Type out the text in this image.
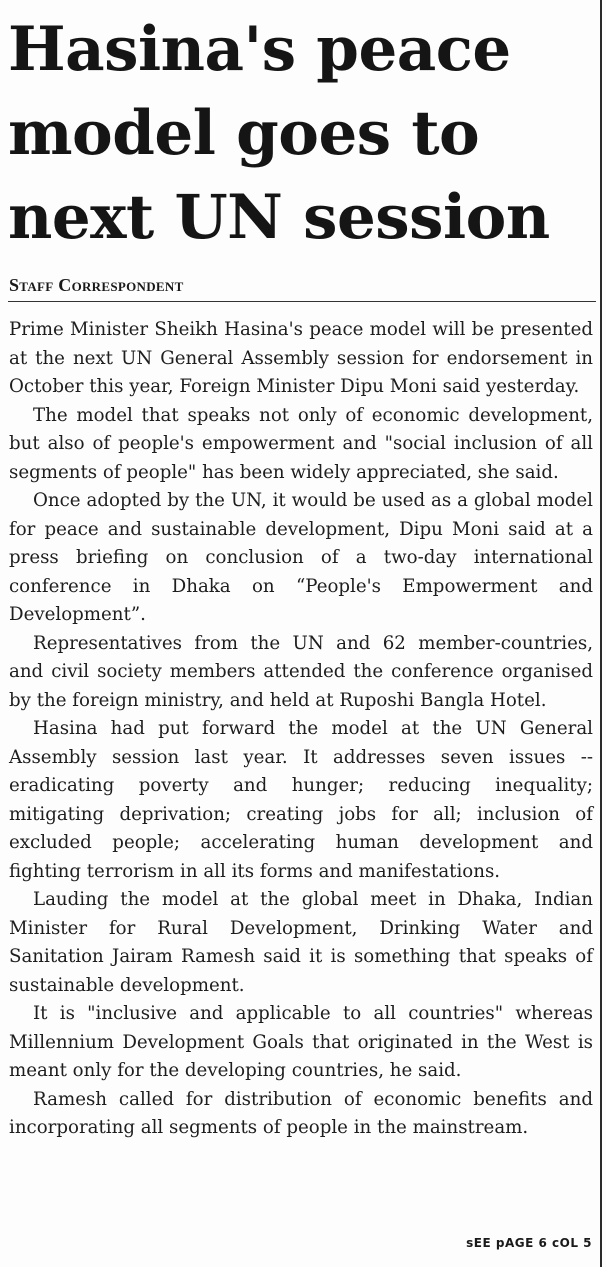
Hasina's peace
model goes to
next UN session
Staff Correspondent

Prime Minister Sheikh Hasina's peace model will be presented at the next UN General Assembly session for endorsement in October this year, Foreign Minister Dipu Moni said yesterday.

The model that speaks not only of economic development, but also of people's empowerment and "social inclusion of all segments of people" has been widely appreciated, she said.

Once adopted by the UN, it would be used as a global model for peace and sustainable development, Dipu Moni said at a press briefing on conclusion of a two-day international conference in Dhaka on “People's Empowerment and Development”.

Representatives from the UN and 62 member-countries, and civil society members attended the conference organised by the foreign ministry, and held at Ruposhi Bangla Hotel.

Hasina had put forward the model at the UN General Assembly session last year. It addresses seven issues -- eradicating poverty and hunger; reducing inequality; mitigating deprivation; creating jobs for all; inclusion of excluded people; accelerating human development and fighting terrorism in all its forms and manifestations.

Lauding the model at the global meet in Dhaka, Indian Minister for Rural Development, Drinking Water and Sanitation Jairam Ramesh said it is something that speaks of sustainable development.

It is "inclusive and applicable to all countries" whereas Millennium Development Goals that originated in the West is meant only for the developing countries, he said.

Ramesh called for distribution of economic benefits and incorporating all segments of people in the mainstream.

sEE pAGE 6 cOL 5
